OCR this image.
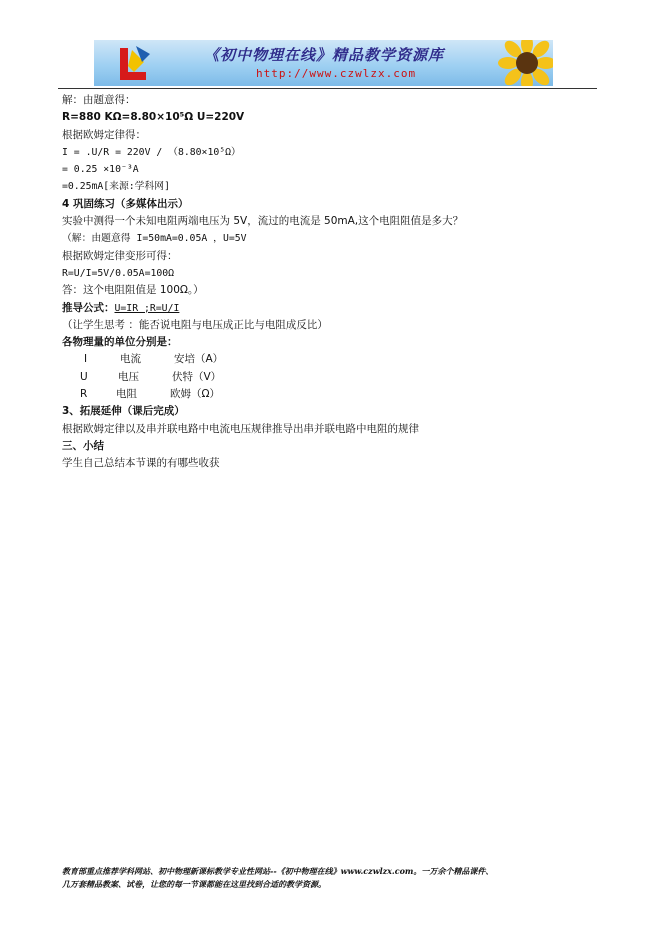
《初中物理在线》精品教学资源库
http://www.czwlzx.com
解：由题意得：
R=880 KΩ=8.80×10⁵Ω U=220V
根据欧姆定律得：
I = .U/R = 220V / （8.80×10⁵Ω）
= 0.25 ×10⁻³A
=0.25mA[来源:学科网]
4 巩固练习（多媒体出示）
实验中测得一个未知电阻两端电压为 5V，流过的电流是 50mA,这个电阻阻值是多大？
（解：由题意得 I=50mA=0.05A ，U=5V
根据欧姆定律变形可得：
R=U/I=5V/0.05A=100Ω
答：这个电阻阻值是 100Ω。）
推导公式：U=IR ;R=U/I
（让学生思考 ：能否说电阻与电压成正比与电阻成反比）
各物理量的单位分别是：
I	电流	安培（A）
U	电压	伏特（V）
R	电阻	欧姆（Ω）
3、拓展延伸（课后完成）
根据欧姆定律以及串并联电路中电流电压规律推导出串并联电路中电阻的规律
三、小结
学生自己总结本节课的有哪些收获
教育部重点推荐学科网站、初中物理新课标教学专业性网站--《初中物理在线》www.czwlzx.com。一万余个精品课件、
几万套精品教案、试卷，让您的每一节课都能在这里找到合适的教学资源。
